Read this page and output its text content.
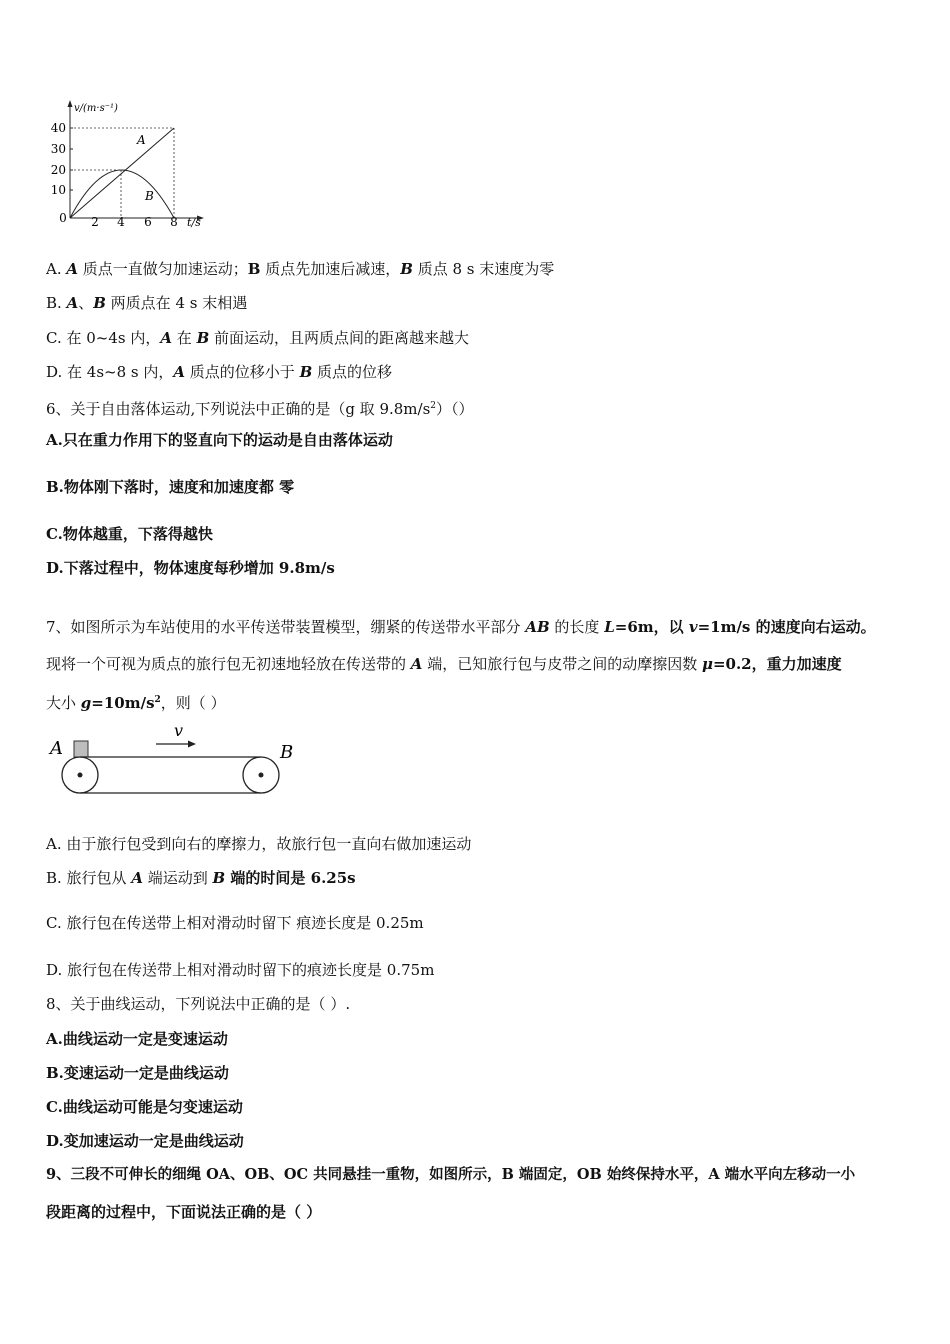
v/(m·s⁻¹)
t/s
40
30
20
10
0 2 4 6 8
A
B
A. A 质点一直做匀加速运动；B 质点先加速后减速，B 质点 8 s 末速度为零
B. A、B 两质点在 4 s 末相遇
C. 在 0~4s 内，A 在 B 前面运动，且两质点间的距离越来越大
D. 在 4s~8 s 内，A 质点的位移小于 B 质点的位移
6、关于自由落体运动,下列说法中正确的是（g 取 $9.8m/s^2)()$
A.只在重力作用下的竖直向下的运动是自由落体运动
B.物体刚下落时，速度和加速度都 零
C.物体越重，下落得越快
D.下落过程中，物体速度每秒增加 9.8m/s
7、如图所示为车站使用的水平传送带装置模型，绷紧的传送带水平部分 AB 的长度 L=6m，以 v=1m/s 的速度向右运动。
现将一个可视为质点的旅行包无初速地轻放在传送带的 A 端，已知旅行包与皮带之间的动摩擦因数 μ=0.2，重力加速度
大小 $g=10m/s^2$，则（ ）
A	B
v
A. 由于旅行包受到向右的摩擦力，故旅行包一直向右做加速运动
B. 旅行包从 A 端运动到 B 端的时间是 6.25s
C. 旅行包在传送带上相对滑动时留下 痕迹长度是 0.25m
D. 旅行包在传送带上相对滑动时留下的痕迹长度是 0.75m
8、关于曲线运动，下列说法中正确的是（ ）.
A.曲线运动一定是变速运动
B.变速运动一定是曲线运动
C.曲线运动可能是匀变速运动
D.变加速运动一定是曲线运动
9、三段不可伸长的细绳 OA、OB、OC 共同悬挂一重物，如图所示，B 端固定，OB 始终保持水平，A 端水平向左移动一小
段距离的过程中，下面说法正确的是（ ）
